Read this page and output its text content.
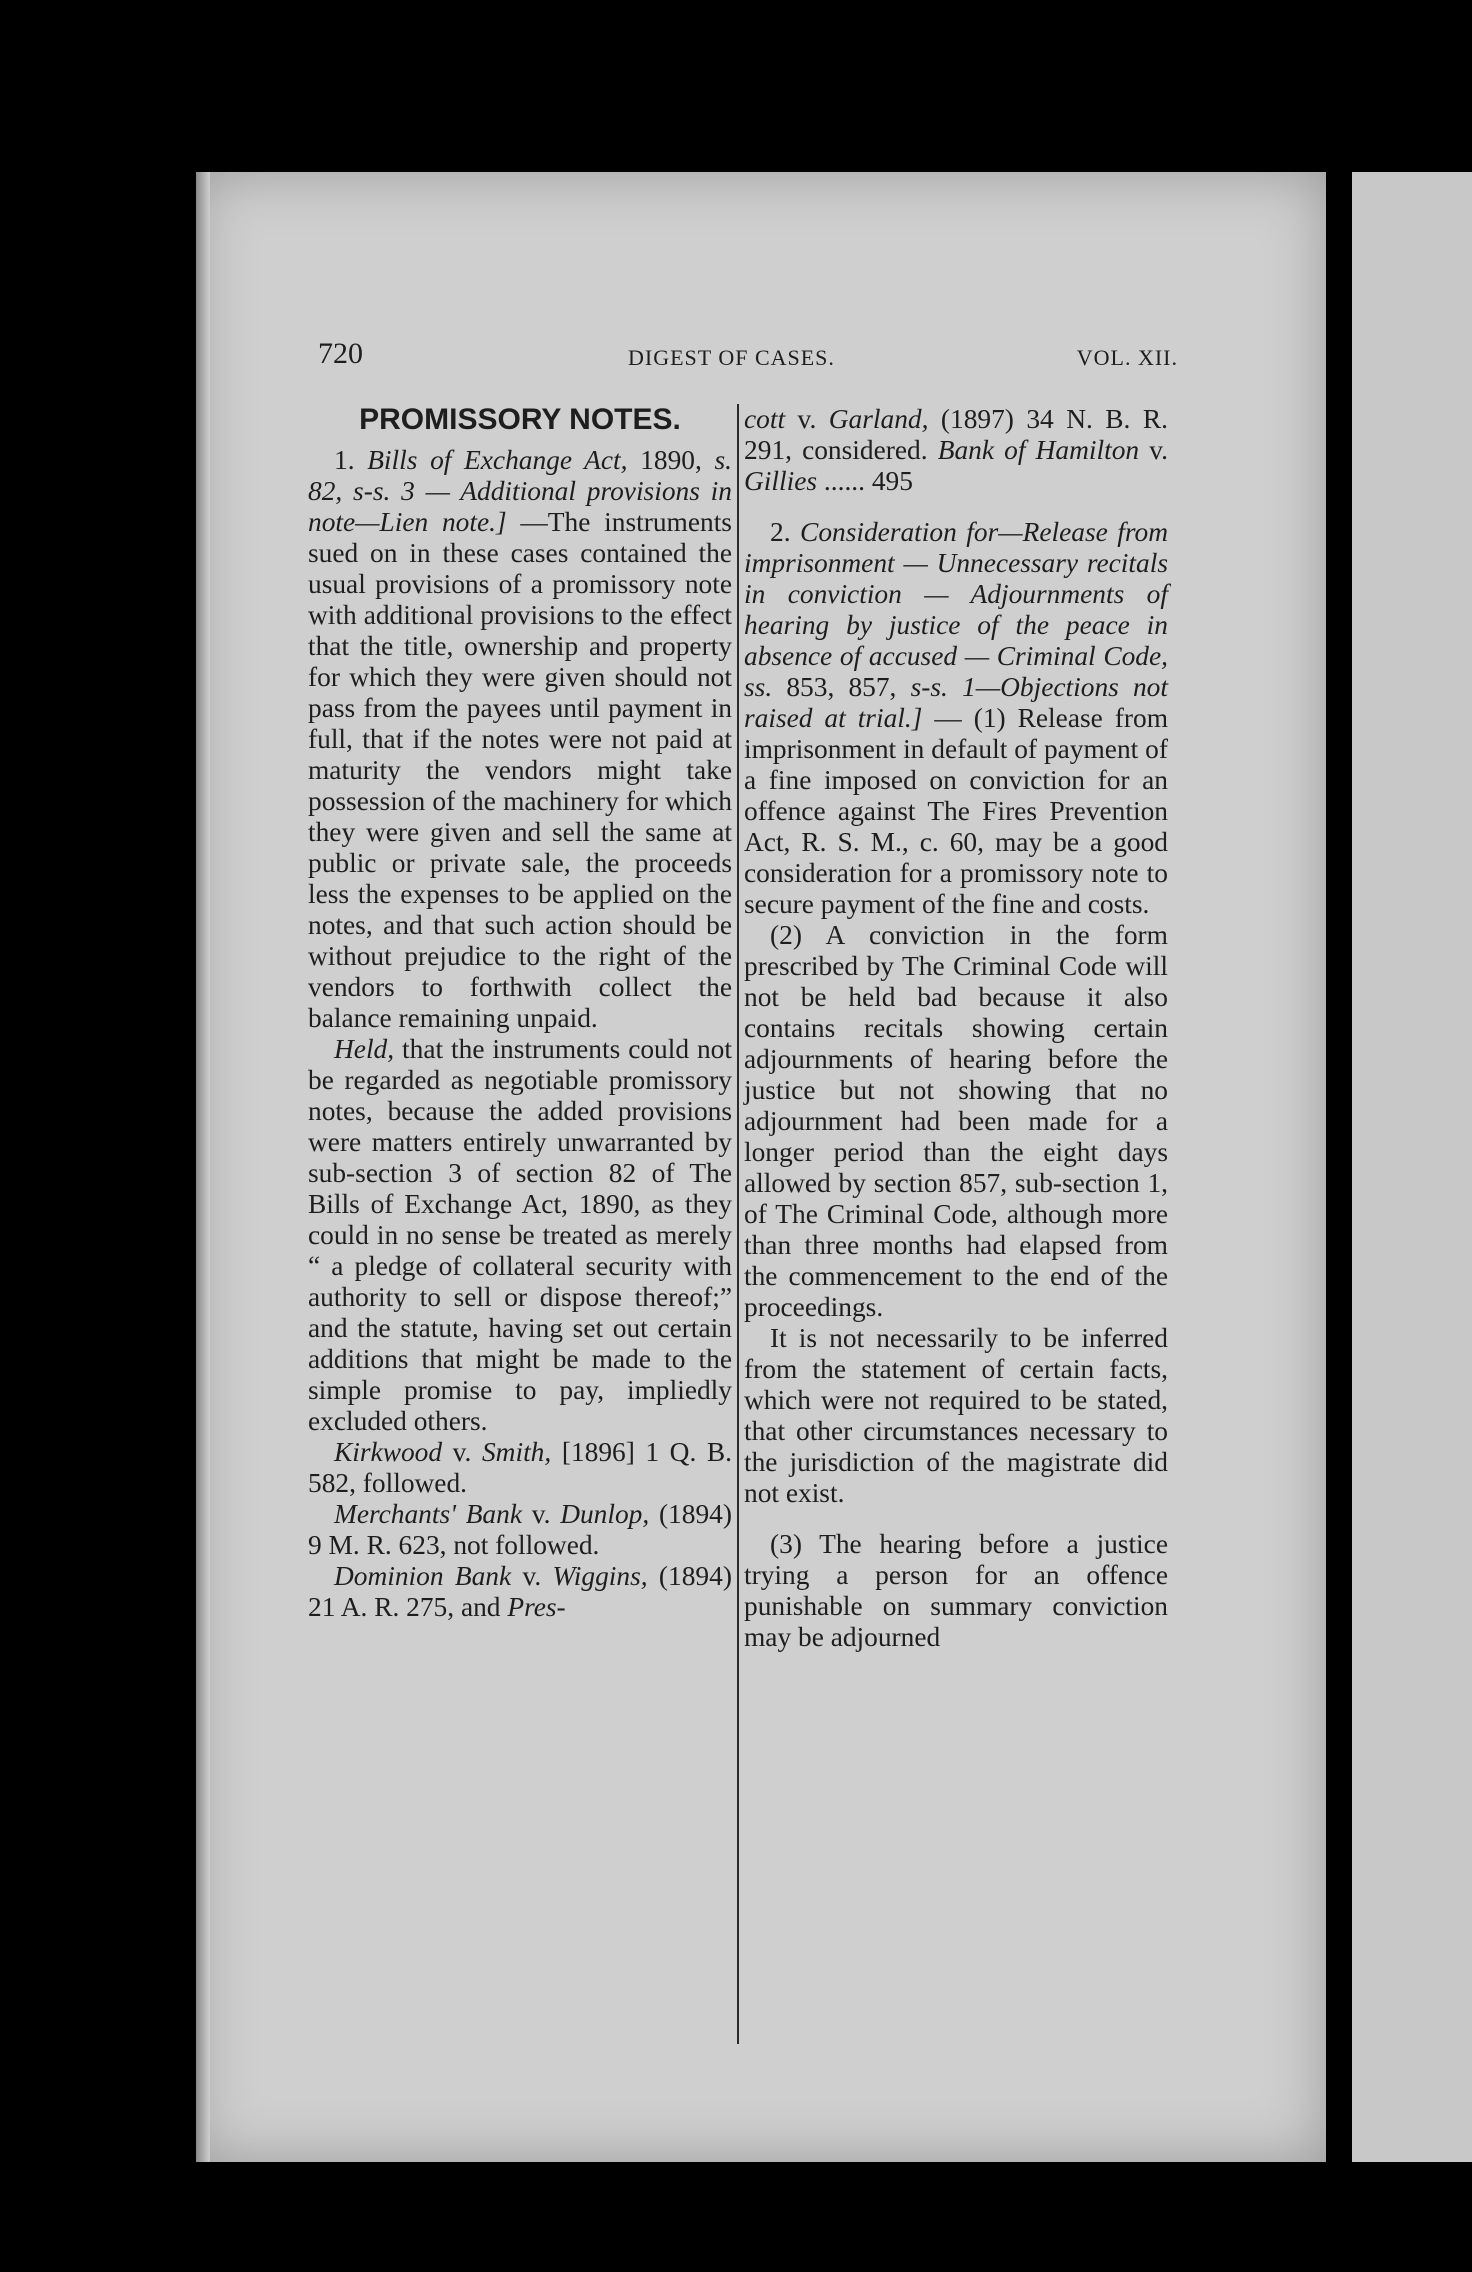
720	DIGEST OF CASES.	VOL. XII.
PROMISSORY NOTES.

1. Bills of Exchange Act, 1890, s. 82, s-s. 3 — Additional provisions in note—Lien note.] —The instruments sued on in these cases contained the usual provisions of a promissory note with additional provisions to the effect that the title, ownership and property for which they were given should not pass from the payees until payment in full, that if the notes were not paid at maturity the vendors might take possession of the machinery for which they were given and sell the same at public or private sale, the proceeds less the expenses to be applied on the notes, and that such action should be without prejudice to the right of the vendors to forthwith collect the balance remaining unpaid.

Held, that the instruments could not be regarded as negotiable promissory notes, because the added provisions were matters entirely unwarranted by sub-section 3 of section 82 of The Bills of Exchange Act, 1890, as they could in no sense be treated as merely “ a pledge of collateral security with authority to sell or dispose thereof;” and the statute, having set out certain additions that might be made to the simple promise to pay, impliedly excluded others.

Kirkwood v. Smith, [1896] 1 Q. B. 582, followed.

Merchants' Bank v. Dunlop, (1894) 9 M. R. 623, not followed.

Dominion Bank v. Wiggins, (1894) 21 A. R. 275, and Pres-

cott v. Garland, (1897) 34 N. B. R. 291, considered. Bank of Hamilton v. Gillies ...... 495

2. Consideration for—Release from imprisonment — Unnecessary recitals in conviction — Adjournments of hearing by justice of the peace in absence of accused — Criminal Code, ss. 853, 857, s-s. 1—Objections not raised at trial.] — (1) Release from imprisonment in default of payment of a fine imposed on conviction for an offence against The Fires Prevention Act, R. S. M., c. 60, may be a good consideration for a promissory note to secure payment of the fine and costs.

(2) A conviction in the form prescribed by The Criminal Code will not be held bad because it also contains recitals showing certain adjournments of hearing before the justice but not showing that no adjournment had been made for a longer period than the eight days allowed by section 857, sub-section 1, of The Criminal Code, although more than three months had elapsed from the commencement to the end of the proceedings.

It is not necessarily to be inferred from the statement of certain facts, which were not required to be stated, that other circumstances necessary to the jurisdiction of the magistrate did not exist.

(3) The hearing before a justice trying a person for an offence punishable on summary conviction may be adjourned
